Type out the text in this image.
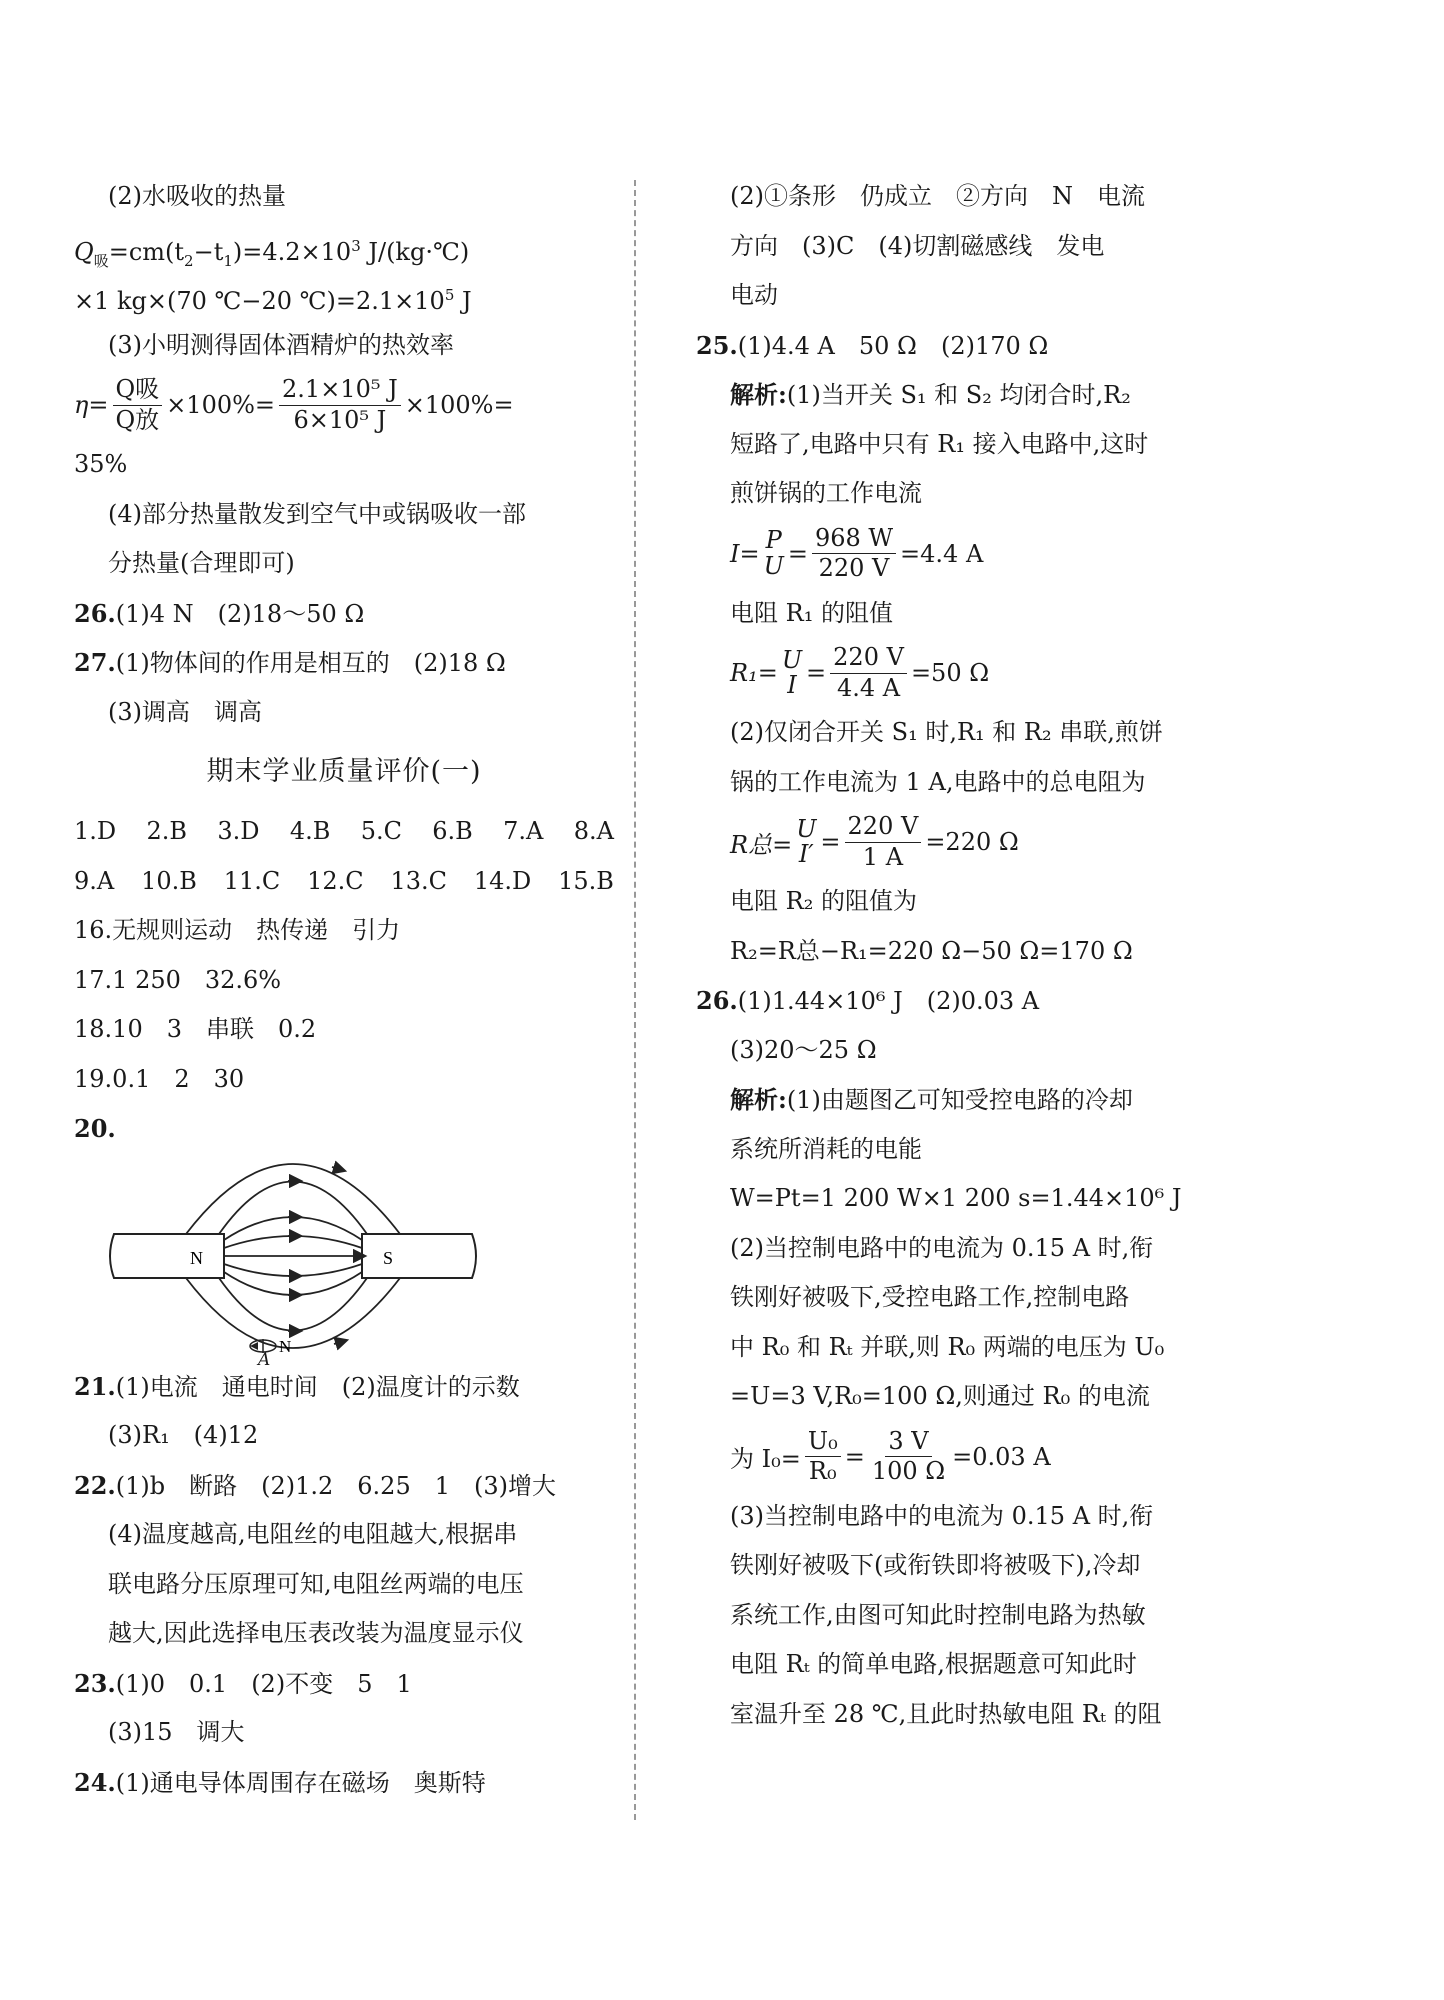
(2)水吸收的热量
$Q_吸=cm(t_2-t_1)=4.2\times 10^3$ J/(kg·℃)
×1 kg×(70 ℃−20 $℃)=2.1\times 10^5$ J
(3)小明测得固体酒精炉的热效率
$\eta= \frac{\text{Q吸}}{\text{Q放}} \times 100\%= \frac{\text{2.1×10⁵ J}}{\text{6×10⁵ J}} \times 100\%=$
35%
(4)部分热量散发到空气中或锅吸收一部
分热量(合理即可)
26.(1)4 N　(2)18～50 Ω
27.(1)物体间的作用是相互的　(2)18 Ω
(3)调高　调高
期末学业质量评价(一)
1.D 2.B 3.D 4.B 5.C 6.B 7.A 8.A
9.A 10.B 11.C 12.C 13.C 14.D 15.B
16.无规则运动　热传递　引力
17.1 250　32.6%
18.10　3　串联　0.2
19.0.1　2　30
20.
N	S
N
A
21.(1)电流　通电时间　(2)温度计的示数
(3)R₁　(4)12
22.(1)b　断路　(2)1.2　6.25　1　(3)增大
(4)温度越高,电阻丝的电阻越大,根据串
联电路分压原理可知,电阻丝两端的电压
越大,因此选择电压表改装为温度显示仪
23.(1)0　0.1　(2)不变　5　1
(3)15　调大
24.(1)通电导体周围存在磁场　奥斯特
(2)①条形　仍成立　②方向　N　电流
方向　(3)C　(4)切割磁感线　发电
电动
25.(1)4.4 A　50 Ω　(2)170 Ω
解析:(1)当开关 S₁ 和 S₂ 均闭合时,R₂
短路了,电路中只有 R₁ 接入电路中,这时
煎饼锅的工作电流
I= P
$U = \frac{968 W}{220 V} =4.4$ A
电阻 R₁ 的阻值
R₁= U
$I = \frac{220 V}{4.4 A} =50$ Ω
(2)仅闭合开关 S₁ 时,R₁ 和 R₂ 串联,煎饼
锅的工作电流为 1 A,电路中的总电阻为
R总=
U
$I' = \frac{220 V}{1 A} =220$ Ω
电阻 R₂ 的阻值为
R₂=R总−R₁=220 Ω−50 Ω=170 Ω
26.(1)1.44×10⁶ J　(2)0.03 A
(3)20～25 Ω
解析:(1)由题图乙可知受控电路的冷却
系统所消耗的电能
W=Pt=1 200 W×1 200 s=1.44×10⁶ J
(2)当控制电路中的电流为 0.15 A 时,衔
铁刚好被吸下,受控电路工作,控制电路
中 R₀ 和 Rₜ 并联,则 R₀ 两端的电压为 U₀
=U=3 V,R₀=100 Ω,则通过 R₀ 的电流
为 $I_0= \frac{\text{U₀}}{\text{R₀}} = \frac{3 V}{100 \Omega} =0.03$ A
(3)当控制电路中的电流为 0.15 A 时,衔
铁刚好被吸下(或衔铁即将被吸下),冷却
系统工作,由图可知此时控制电路为热敏
电阻 Rₜ 的简单电路,根据题意可知此时
室温升至 28 ℃,且此时热敏电阻 Rₜ 的阻
